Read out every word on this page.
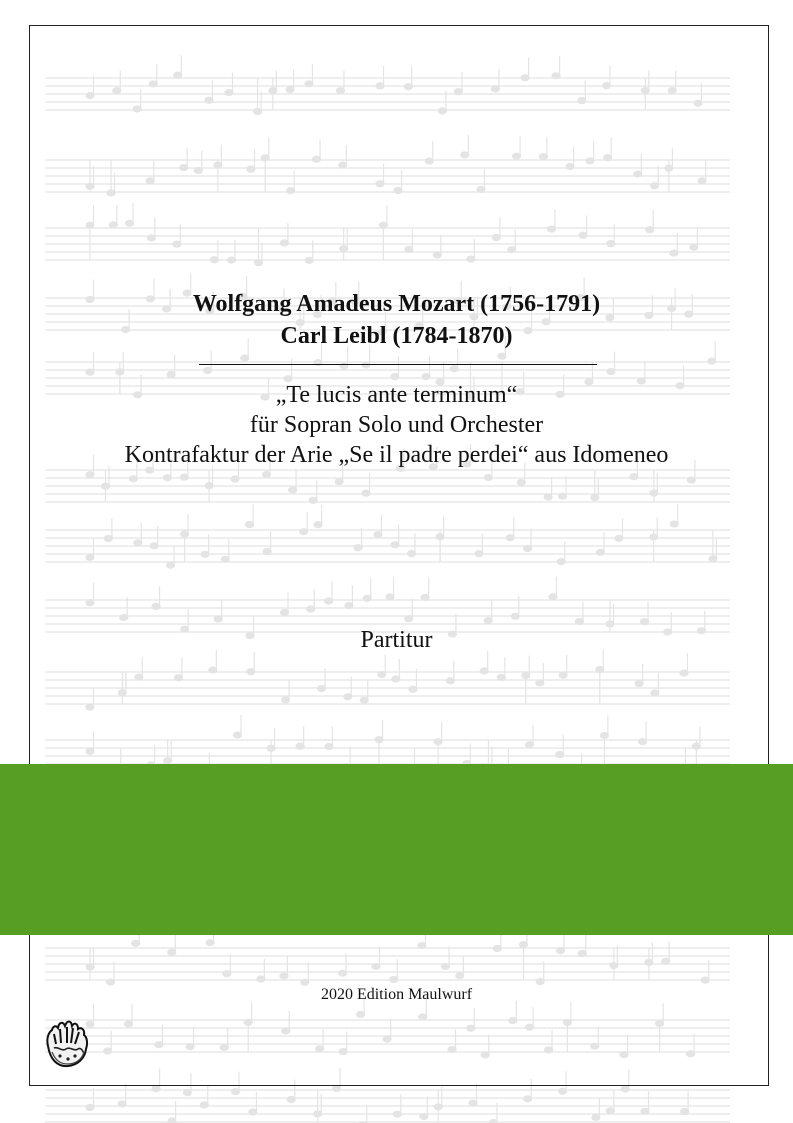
Wolfgang Amadeus Mozart (1756-1791)
Carl Leibl (1784-1870)
„Te lucis ante terminum“
für Sopran Solo und Orchester
Kontrafaktur der Arie „Se il padre perdei“ aus Idomeneo
Partitur
2020 Edition Maulwurf
